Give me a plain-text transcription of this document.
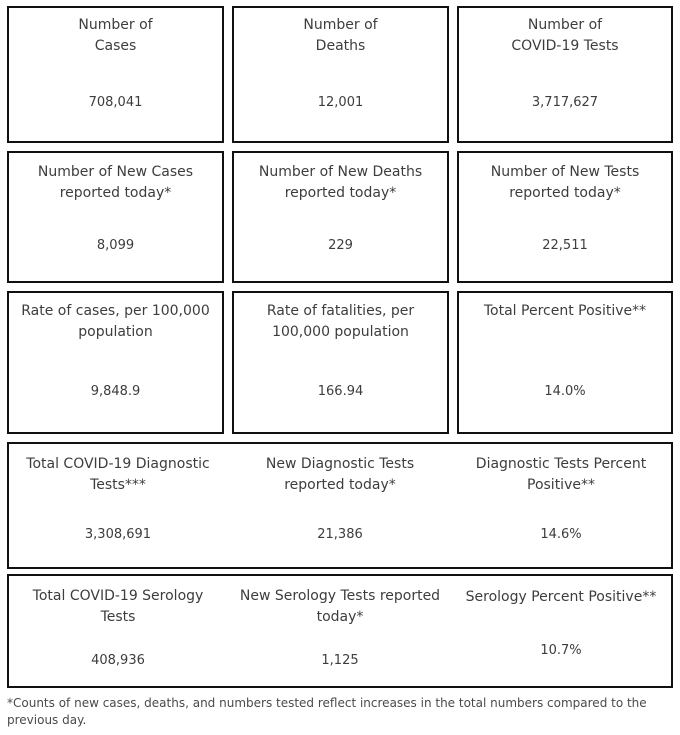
Number of
Cases
708,041
Number of
Deaths
12,001
Number of
COVID-19 Tests
3,717,627
Number of New Cases
reported today*
8,099
Number of New Deaths
reported today*
229
Number of New Tests
reported today*
22,511
Rate of cases, per 100,000
population
9,848.9
Rate of fatalities, per
100,000 population
166.94
Total Percent Positive**
14.0%
Total COVID-19 Diagnostic
Tests***
3,308,691
New Diagnostic Tests
reported today*
21,386
Diagnostic Tests Percent
Positive**
14.6%
Total COVID-19 Serology
Tests
408,936
New Serology Tests reported
today*
1,125
Serology Percent Positive**
10.7%
*Counts of new cases, deaths, and numbers tested reflect increases in the total numbers compared to the previous day.
